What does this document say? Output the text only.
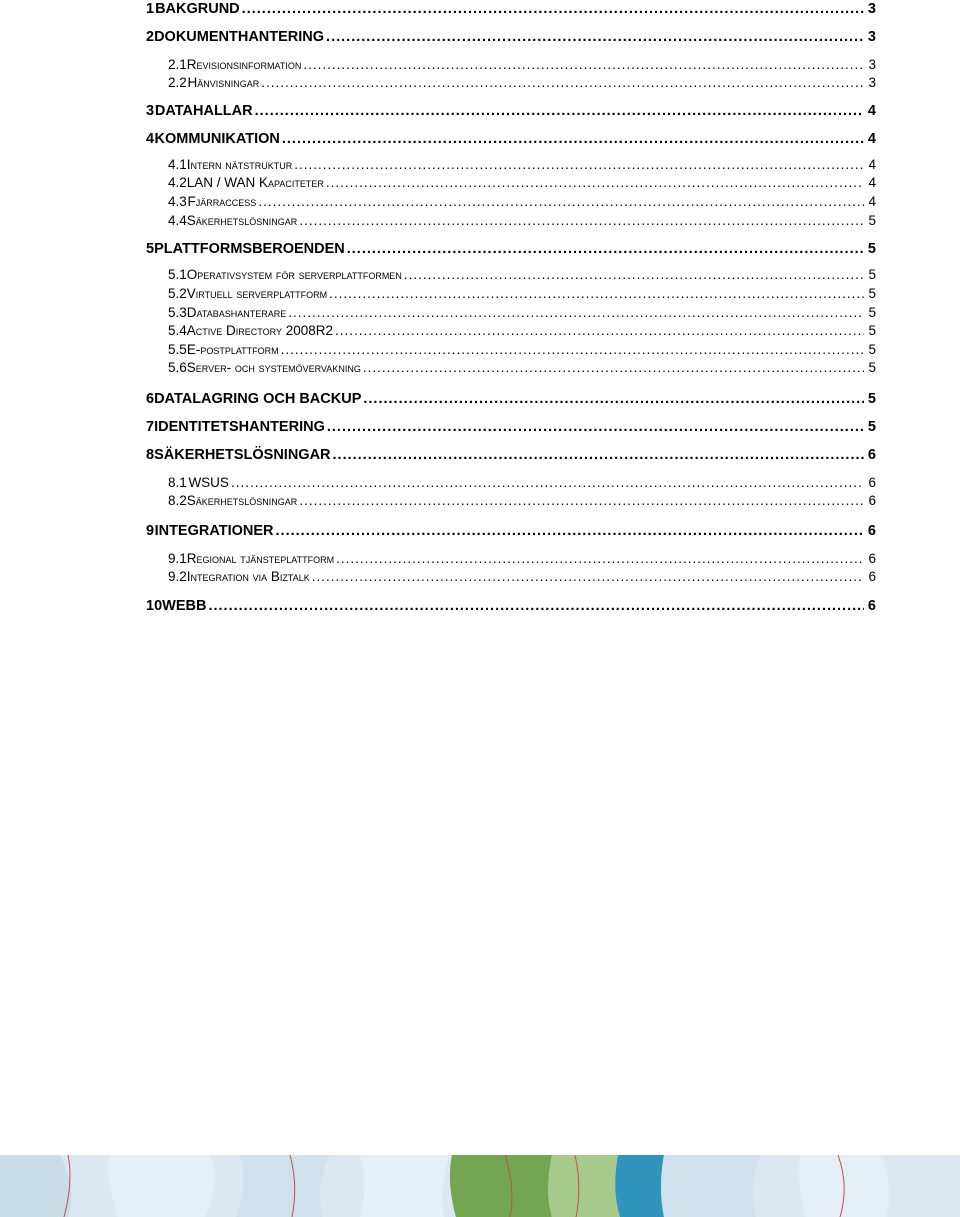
1 BAKGRUND .....	3
2 DOKUMENTHANTERING .....	3
2.1 Revisionsinformation .....	3
2.2 Hänvisningar .....	3
3 DATAHALLAR .....	4
4 KOMMUNIKATION .....	4
4.1 Intern nätstruktur .....	4
4.2 LAN / WAN Kapaciteter .....	4
4.3 Fjärraccess .....	4
4.4 Säkerhetslösningar .....	5
5 PLATTFORMSBEROENDEN .....	5
5.1 Operativsystem för serverplattformen .....	5
5.2 Virtuell serverplattform .....	5
5.3 Databashanterare .....	5
5.4 Active Directory 2008R2 .....	5
5.5 E-postplattform .....	5
5.6 Server- och systemövervakning .....	5
6 DATALAGRING OCH BACKUP .....	5
7 IDENTITETSHANTERING .....	5
8 SÄKERHETSLÖSNINGAR .....	6
8.1 WSUS .....	6
8.2 Säkerhetslösningar .....	6
9 INTEGRATIONER .....	6
9.1 Regional tjänsteplattform .....	6
9.2 Integration via Biztalk .....	6
10 WEBB .....	6
